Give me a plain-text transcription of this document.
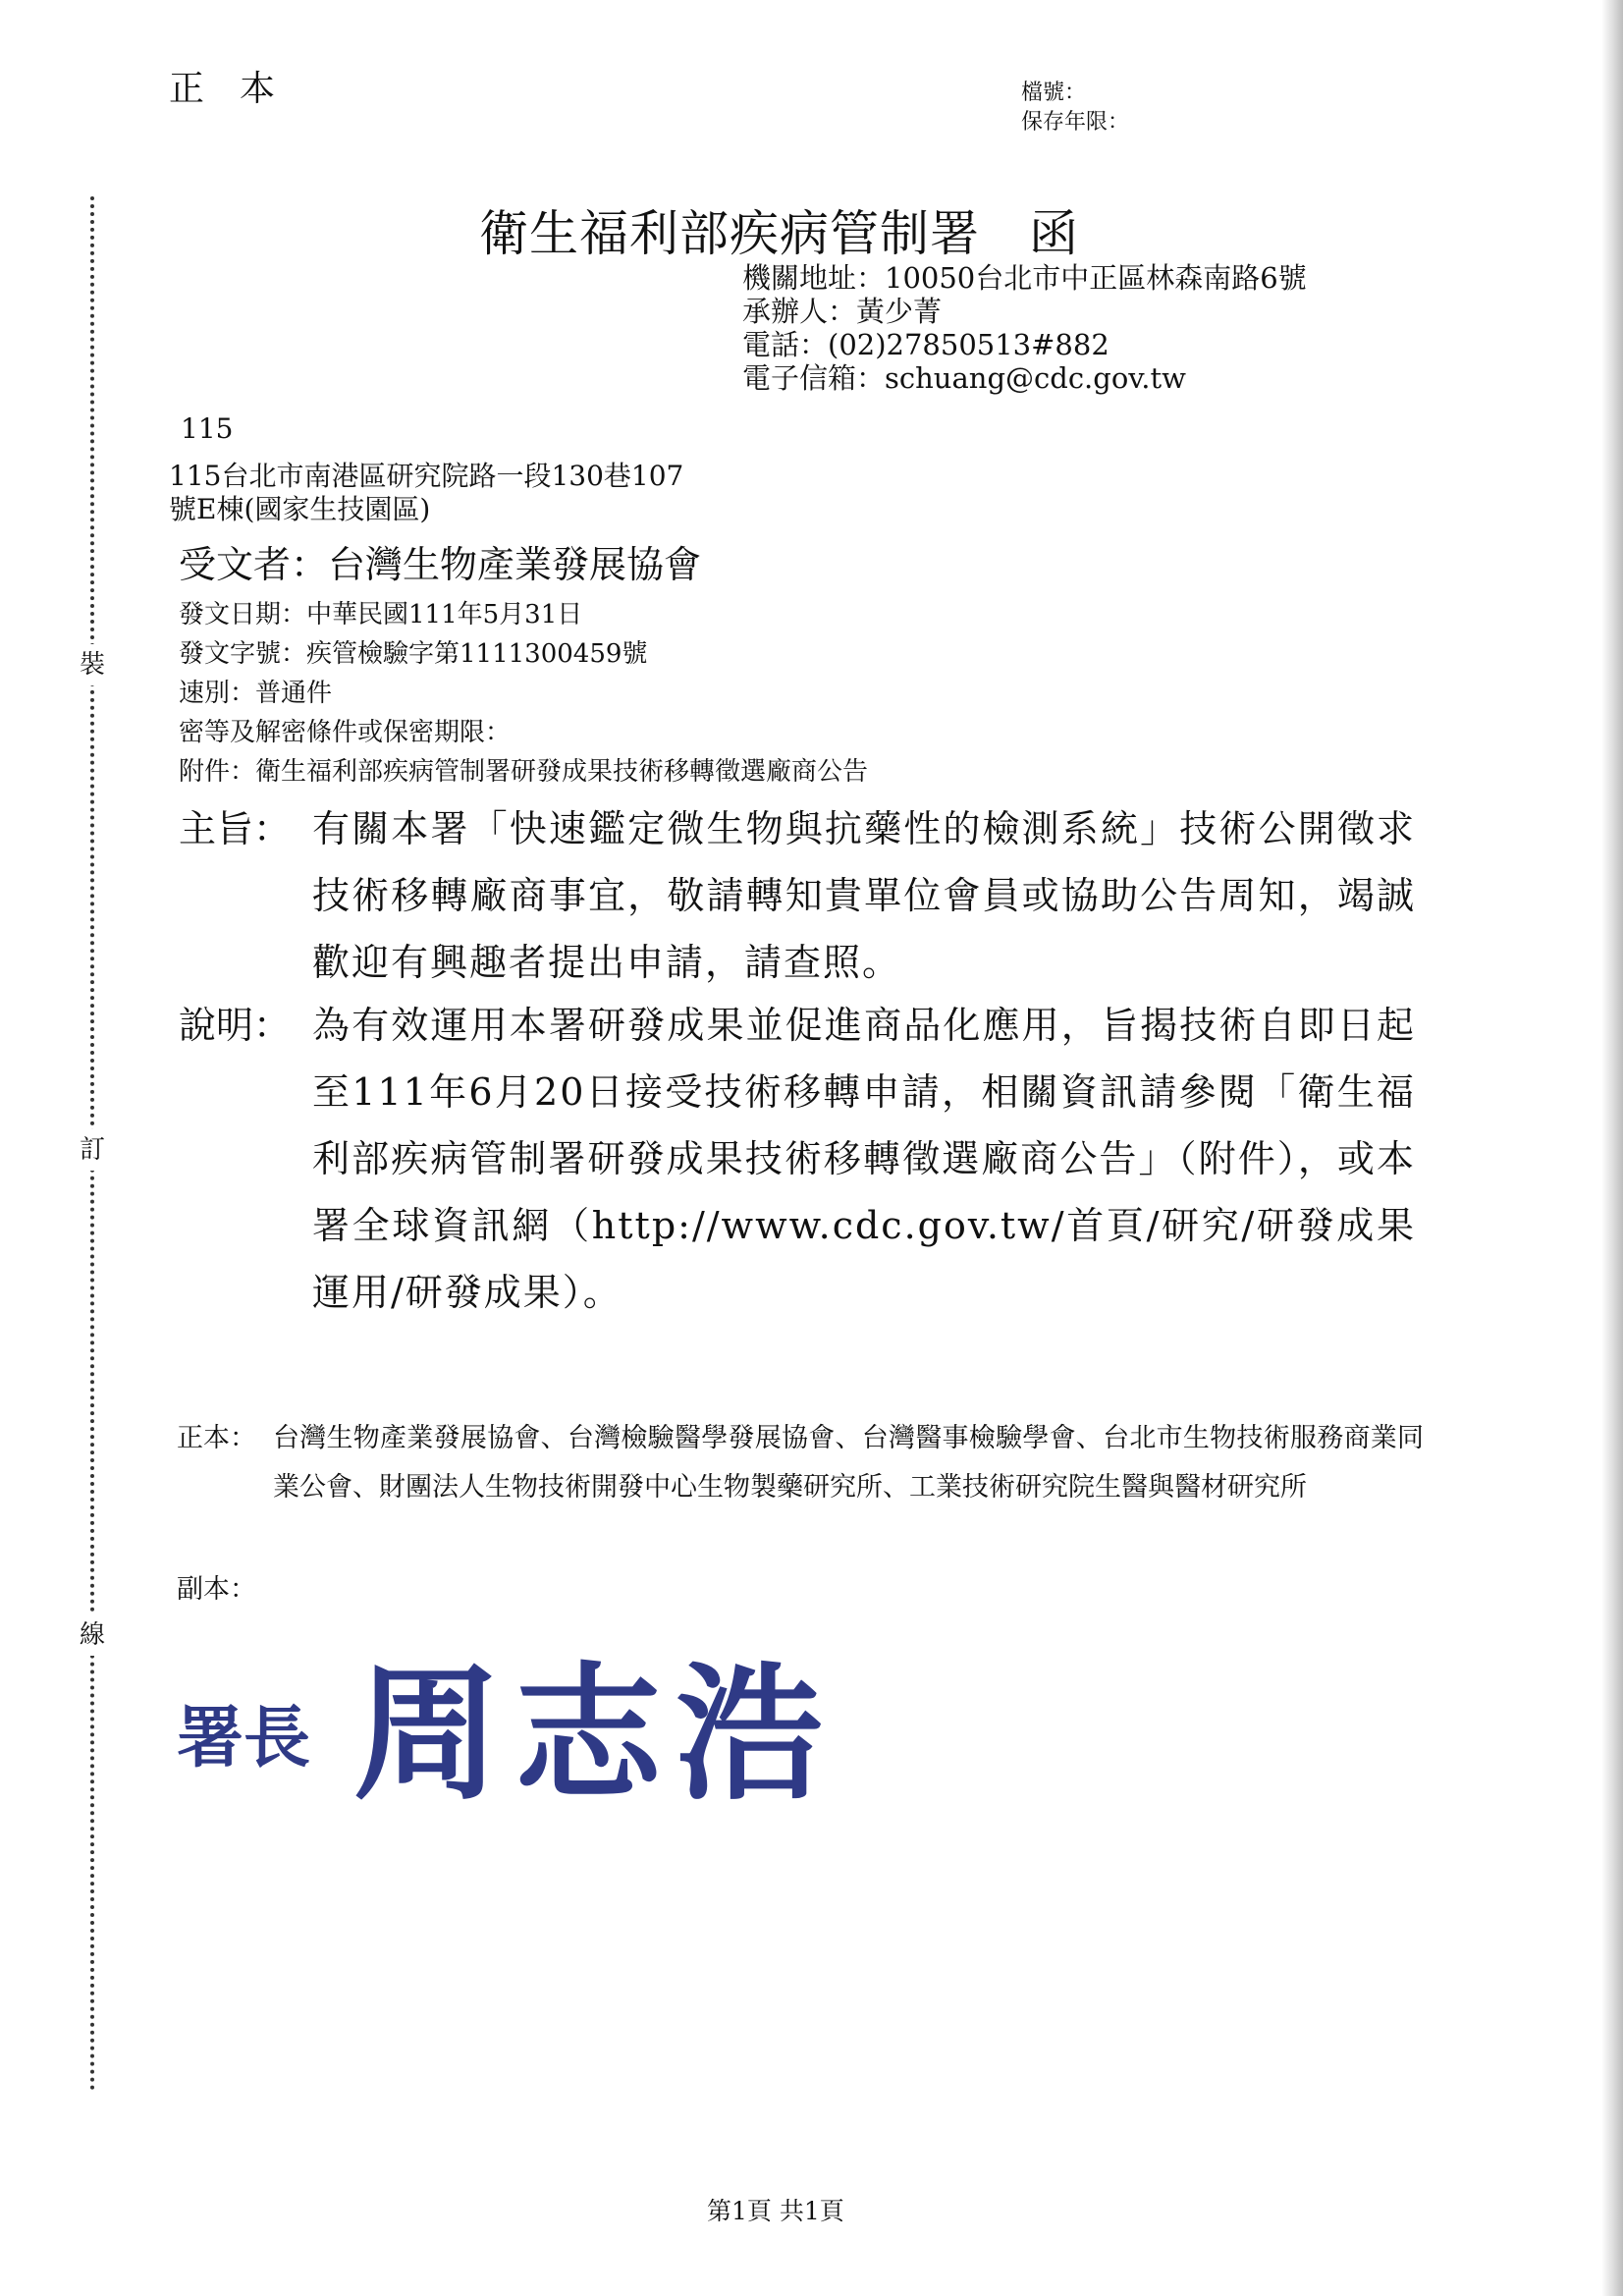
裝
訂
線
正本	檔號：
保存年限：
衛生福利部疾病管制署 函
機關地址：10050台北市中正區林森南路6號
承辦人：黃少菁
電話：(02)27850513#882
電子信箱：schuang@cdc.gov.tw
115
115台北市南港區研究院路一段130巷107
號E棟(國家生技園區)
受文者：台灣生物產業發展協會
發文日期：中華民國111年5月31日
發文字號：疾管檢驗字第1111300459號
速別：普通件
密等及解密條件或保密期限：
附件：衛生福利部疾病管制署研發成果技術移轉徵選廠商公告
主旨： 有關本署「快速鑑定微生物與抗藥性的檢測系統」技術公開徵求技術移轉廠商事宜，敬請轉知貴單位會員或協助公告周知，竭誠歡迎有興趣者提出申請，請查照。
說明： 為有效運用本署研發成果並促進商品化應用，旨揭技術自即日起至111年6月20日接受技術移轉申請，相關資訊請參閱「衛生福利部疾病管制署研發成果技術移轉徵選廠商公告」（附件），或本署全球資訊網（http://www.cdc.gov.tw/首頁/研究/研發成果運用/研發成果）。
正本： 台灣生物產業發展協會、台灣檢驗醫學發展協會、台灣醫事檢驗學會、台北市生物技術服務商業同業公會、財團法人生物技術開發中心生物製藥研究所、工業技術研究院生醫與醫材研究所
副本：
署長 周志浩
第1頁 共1頁
